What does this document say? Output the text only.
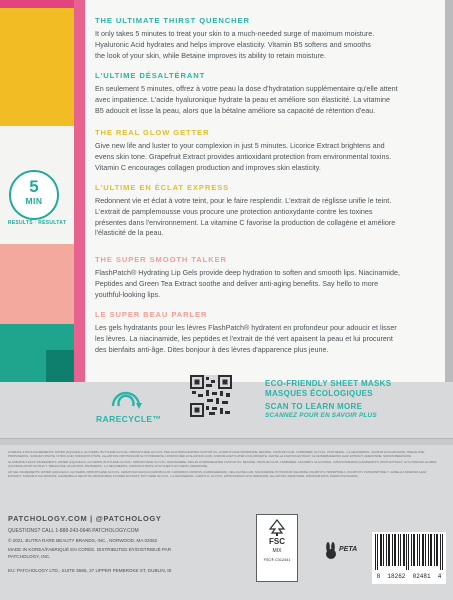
5
MIN
RESULTS · RÉSULTAT
THE ULTIMATE THIRST QUENCHER
It only takes 5 minutes to treat your skin to a much-needed surge of maximum moisture.
Hyaluronic Acid hydrates and helps improve elasticity. Vitamin B5 softens and smooths
the look of your skin, while Betaine improves its ability to retain moisture.
L'ULTIME DÉSALTÉRANT
En seulement 5 minutes, offrez à votre peau la dose d'hydratation supplémentaire qu'elle attent
avec impatience. L'acide hyaluronique hydrate la peau et améliore son élasticité. La vitamine
B5 adoucit et lisse la peau, alors que la bétaïne améliore sa capacité de rétention d'eau.
THE REAL GLOW GETTER
Give new life and luster to your complexion in just 5 minutes. Licorice Extract brightens and
evens skin tone. Grapefruit Extract provides antioxidant protection from environmental toxins.
Vitamin C encourages collagen production and improves skin elasticity.
L'ULTIME EN ÉCLAT EXPRESS
Redonnent vie et éclat à votre teint, pour le faire resplendir. L'extrait de réglisse unifie le teint.
L'extrait de pamplemousse vous procure une protection antioxydante contre les toxines
présentes dans l'environnement. La vitamine C favorise la production de collagène et améliore
l'élasticité de la peau.
THE SUPER SMOOTH TALKER
FlashPatch® Hydrating Lip Gels provide deep hydration to soften and smooth lips. Niacinamide,
Peptides and Green Tea Extract soothe and deliver anti-aging benefits. Say hello to more
youthful-looking lips.
LE SUPER BEAU PARLER
Les gels hydratants pour les lèvres FlashPatch® hydratent en profondeur pour adoucir et lisser
les lèvres. La niacinamide, les peptides et l'extrait de thé vert apaisent la peau et lui procurent
des bienfaits anti-âge. Dites bonjour à des lèvres d'apparence plus jeune.
RARECYCLE™
ECO-FRIENDLY SHEET MASKS
MASQUES ÉCOLOGIQUES
SCAN TO LEARN MORE
SCANNEZ POUR EN SAVOIR PLUS
HYDRATE 3-PACK INGREDIENTS: WATER (AQUA/EAU), GLYCERIN, BUTYLENE GLYCOL, DIPROPYLENE GLYCOL, PEG-60 HYDROGENATED CASTOR OIL, HYDROXYACETOPHENONE, BETAINE, XANTHAN GUM, CARBOMER, GLYCOL, PANTHENOL, 1,2-HEXANEDIOL, SODIUM HYALURONATE, TREHALOSE, PROPANEDIOL, SODIUM CITRATE, CITRIC ACID, SODIUM PHYTATE, ALLANTOIN, DIPOTASSIUM GLYCYRRHIZATE, HYDROLYZED HYALURONIC ACID, SODIUM ACETYLATED HYALURONATE, CENTELLA ASIATICA EXTRACT, ALOE BARBADENSIS LEAF EXTRACT, ADENOSINE, SODIUM BENZOATE.
ILLUMINATE 3-PACK INGREDIENTS: WATER (AQUA/EAU), GLYCERIN, BUTYLENE GLYCOL, DIPROPYLENE GLYCOL, NIACINAMIDE, PEG-60 HYDROGENATED CASTOR OIL, BETAINE, XANTHAN GUM, CARBOMER, ASCORBYL GLUCOSIDE, CITRUS PARADISI (GRAPEFRUIT) FRUIT EXTRACT, GLYCYRRHIZA GLABRA (LICORICE) ROOT EXTRACT, TREHALOSE, ALLANTOIN, PANTHENOL, 1,2-HEXANEDIOL, SODIUM CITRATE, ETHYLHEXYLGLYCERIN, ADENOSINE.
LIP GEL INGREDIENTS: WATER (AQUA/EAU), GLYCERIN, DIPROPYLENE GLYCOL, CERATONIA SILIQUA (CAROB) GUM, CHONDRUS CRISPUS (CARRAGEENAN), CELLULOSE GUM, NIACINAMIDE, POTASSIUM CHLORIDE, PALMITOYL TRIPEPTIDE-1, PALMITOYL TETRAPEPTIDE-7, CAMELLIA SINENSIS LEAF EXTRACT, SODIUM HYALURONATE, CHAMOMILLA RECUTITA (MATRICARIA) FLOWER EXTRACT, BUTYLENE GLYCOL, 1,2-HEXANEDIOL, CAPRYLYL GLYCOL, DIPOTASSIUM GLYCYRRHIZATE, ALLANTOIN, ADENOSINE, DISODIUM EDTA, PHENOXYETHANOL.
PATCHOLOGY.COM | @PATCHOLOGY
QUESTIONS? CALL 1-888-243-0646 PATCHOLOGY.COM
© 2021. BUTRA RARE BEAUTY BRANDS, INC., NORWOOD, MA 02062
MADE IN KOREA/FABRIQUÉ EN CORÉE. DISTRIBUTED BY/DISTRIBUÉ PAR PATCHOLOGY, INC.
EU: PATCHOLOGY LTD., SUITE 5585, 27 UPPER PEMBROKE ST, DUBLIN, IE
FSC
MIX
FSC® C012441
PETA
8  18262  02481  4
